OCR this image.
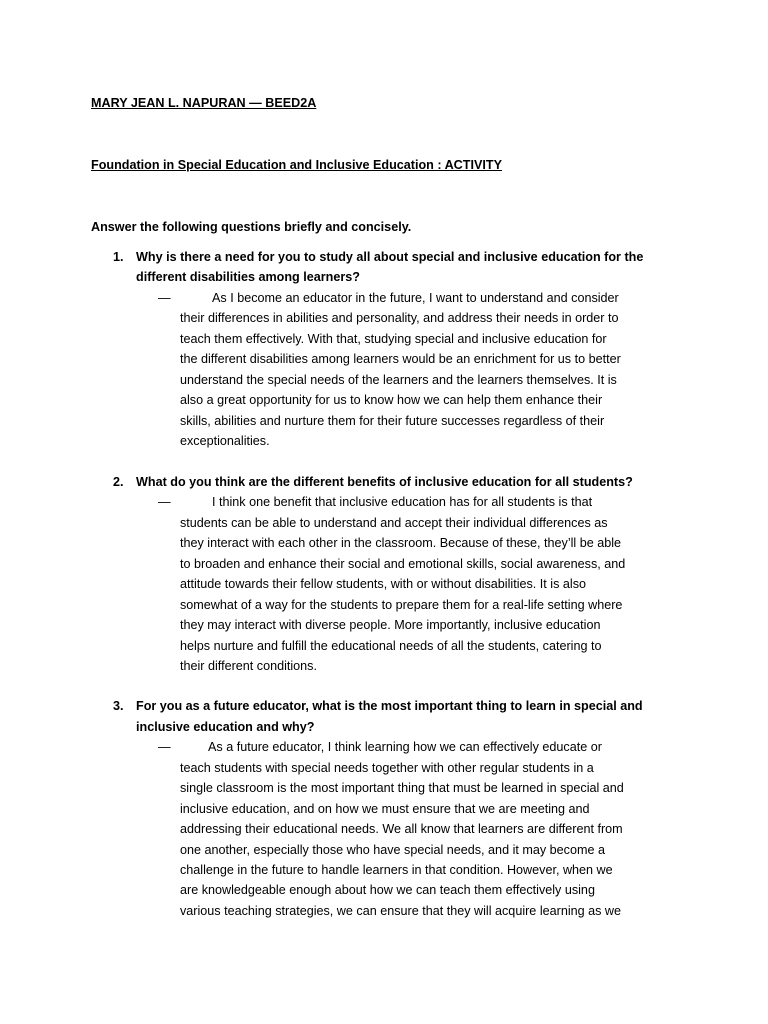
MARY JEAN L. NAPURAN — BEED2A
Foundation in Special Education and Inclusive Education : ACTIVITY
Answer the following questions briefly and concisely.
1. Why is there a need for you to study all about special and inclusive education for the
different disabilities among learners?
—	As I become an educator in the future, I want to understand and consider
their differences in abilities and personality, and address their needs in order to
teach them effectively. With that, studying special and inclusive education for
the different disabilities among learners would be an enrichment for us to better
understand the special needs of the learners and the learners themselves. It is
also a great opportunity for us to know how we can help them enhance their
skills, abilities and nurture them for their future successes regardless of their
exceptionalities.
2. What do you think are the different benefits of inclusive education for all students?
—	I think one benefit that inclusive education has for all students is that
students can be able to understand and accept their individual differences as
they interact with each other in the classroom. Because of these, they’ll be able
to broaden and enhance their social and emotional skills, social awareness, and
attitude towards their fellow students, with or without disabilities. It is also
somewhat of a way for the students to prepare them for a real-life setting where
they may interact with diverse people. More importantly, inclusive education
helps nurture and fulfill the educational needs of all the students, catering to
their different conditions.
3. For you as a future educator, what is the most important thing to learn in special and
inclusive education and why?
—	As a future educator, I think learning how we can effectively educate or
teach students with special needs together with other regular students in a
single classroom is the most important thing that must be learned in special and
inclusive education, and on how we must ensure that we are meeting and
addressing their educational needs. We all know that learners are different from
one another, especially those who have special needs, and it may become a
challenge in the future to handle learners in that condition. However, when we
are knowledgeable enough about how we can teach them effectively using
various teaching strategies, we can ensure that they will acquire learning as we
